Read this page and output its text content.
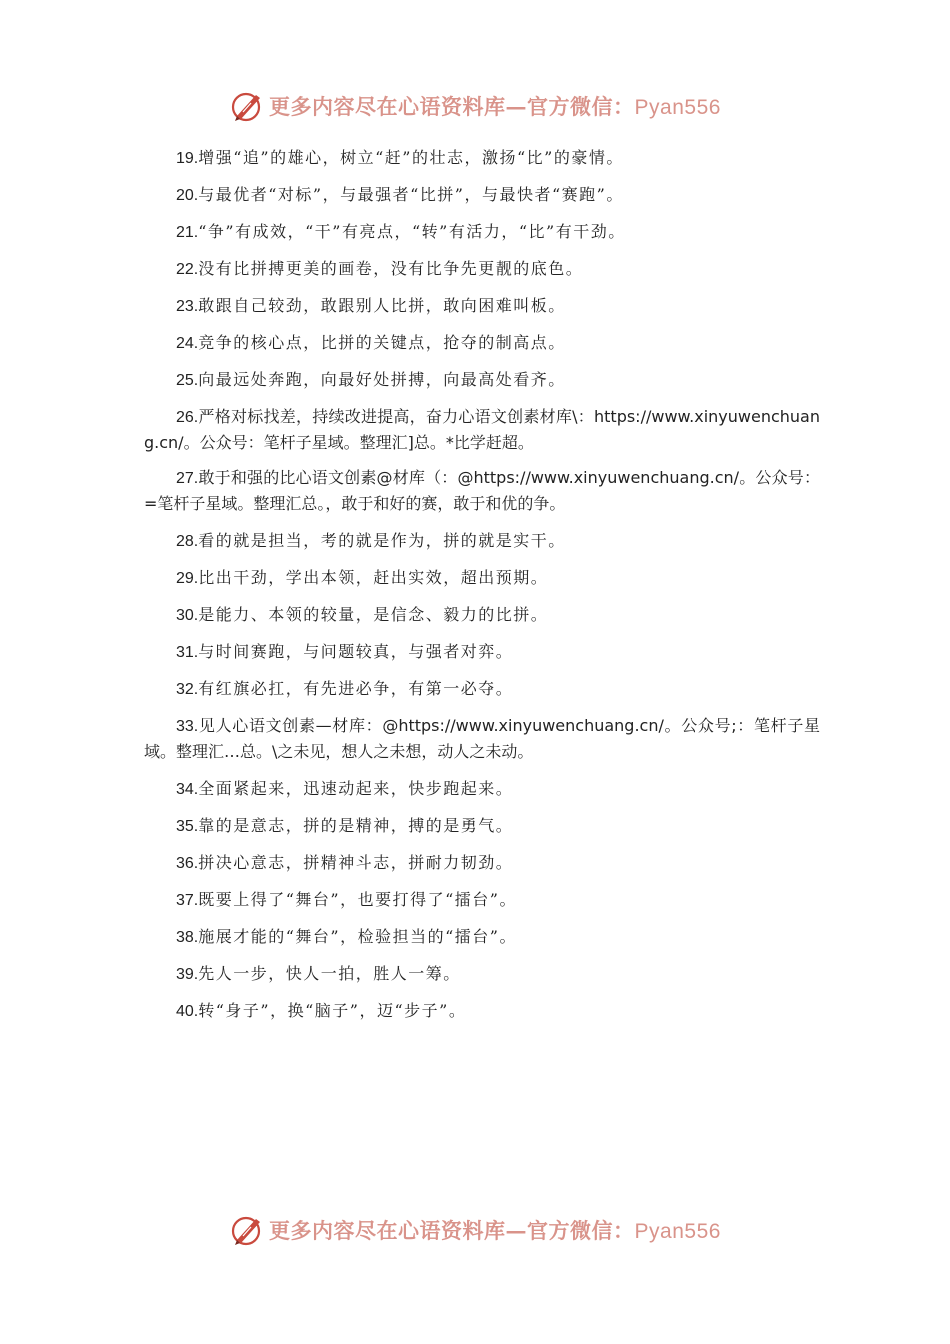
更多内容尽在心语资料库—官方微信：Pyan556
19.增强“追”的雄心，树立“赶”的壮志，激扬“比”的豪情。
20.与最优者“对标”，与最强者“比拼”，与最快者“赛跑”。
21.“争”有成效，“干”有亮点，“转”有活力，“比”有干劲。
22.没有比拼搏更美的画卷，没有比争先更靓的底色。
23.敢跟自己较劲，敢跟别人比拼，敢向困难叫板。
24.竞争的核心点，比拼的关键点，抢夺的制高点。
25.向最远处奔跑，向最好处拼搏，向最高处看齐。

26.严格对标找差，持续改进提高，奋力心语文创素材库\：https://www.xinyuwenchuang.cn/。公众号：笔杆子星域。整理汇]总。*比学赶超。

27.敢于和强的比心语文创素@材库（：@https://www.xinyuwenchuang.cn/。公众号：=笔杆子星域。整理汇总。，敢于和好的赛，敢于和优的争。

28.看的就是担当，考的就是作为，拼的就是实干。
29.比出干劲，学出本领，赶出实效，超出预期。
30.是能力、本领的较量，是信念、毅力的比拼。
31.与时间赛跑，与问题较真，与强者对弈。
32.有红旗必扛，有先进必争，有第一必夺。

33.见人心语文创素—材库：@https://www.xinyuwenchuang.cn/。公众号;：笔杆子星域。整理汇…总。\之未见，想人之未想，动人之未动。

34.全面紧起来，迅速动起来，快步跑起来。
35.靠的是意志，拼的是精神，搏的是勇气。
36.拼决心意志，拼精神斗志，拼耐力韧劲。
37.既要上得了“舞台”，也要打得了“擂台”。
38.施展才能的“舞台”，检验担当的“擂台”。
39.先人一步，快人一拍，胜人一筹。
40.转“身子”，换“脑子”，迈“步子”。
更多内容尽在心语资料库—官方微信：Pyan556
